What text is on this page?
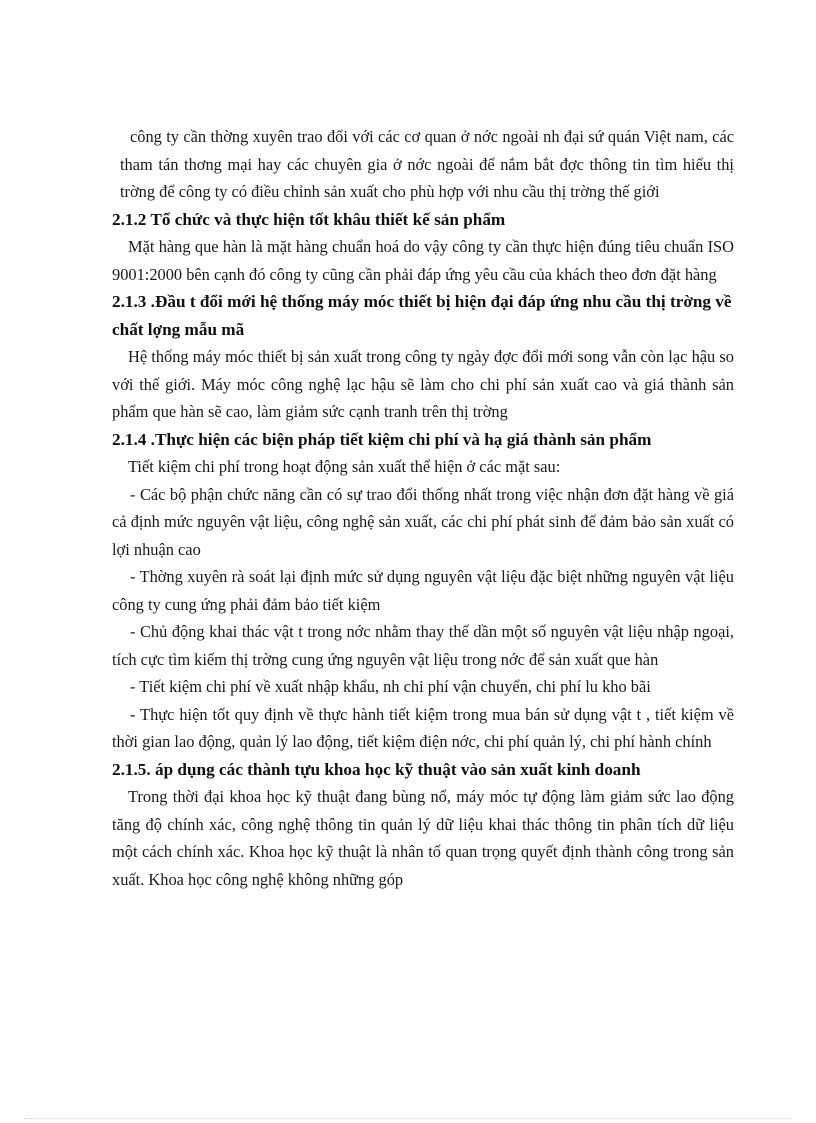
công ty cần thờng xuyên trao đổi với các cơ quan ở nớc ngoài nh đại sứ quán Việt nam, các tham tán thơng mại hay các chuyên gia ở nớc ngoài để nắm bắt đợc thông tin tìm hiểu thị trờng để công ty có điều chỉnh sản xuất cho phù hợp với nhu cầu thị trờng thế giới

2.1.2 Tổ chức và thực hiện tốt khâu thiết kế sản phẩm

Mặt hàng que hàn là mặt hàng chuẩn hoá do vậy công ty cần thực hiện đúng tiêu chuẩn ISO 9001:2000 bên cạnh đó công ty cũng cần phải đáp ứng yêu cầu của khách theo đơn đặt hàng

2.1.3 .Đầu t đổi mới hệ thống máy móc thiết bị hiện đại đáp ứng nhu cầu thị trờng về chất lợng mẫu mã

Hệ thống máy móc thiết bị sản xuất trong công ty ngày đợc đổi mới song vẫn còn lạc hậu so với thế giới. Máy móc công nghệ lạc hậu sẽ làm cho chi phí sản xuất cao và giá thành sản phẩm que hàn sẽ cao, làm giảm sức cạnh tranh trên thị trờng

2.1.4 .Thực hiện các biện pháp tiết kiệm chi phí và hạ giá thành sản phẩm

Tiết kiệm chi phí trong hoạt động sản xuất thể hiện ở các mặt sau:

- Các bộ phận chức năng cần có sự trao đổi thống nhất trong việc nhận đơn đặt hàng về giá cả định mức nguyên vật liệu, công nghệ sản xuất, các chi phí phát sinh để đảm bảo sản xuất có lợi nhuận cao

- Thờng xuyên rà soát lại định mức sử dụng nguyên vật liệu đặc biệt những nguyên vật liệu công ty cung ứng phải đảm bảo tiết kiệm

- Chủ động khai thác vật t trong nớc nhằm thay thế dần một số nguyên vật liệu nhập ngoại, tích cực tìm kiếm thị trờng cung ứng nguyên vật liệu trong nớc để sản xuất que hàn

- Tiết kiệm chi phí về xuất nhập khẩu, nh chi phí vận chuyển, chi phí lu kho bãi

- Thực hiện tốt quy định về thực hành tiết kiệm trong mua bán sử dụng vật t , tiết kiệm về thời gian lao động, quản lý lao động, tiết kiệm điện nớc, chi phí quản lý, chi phí hành chính

2.1.5. áp dụng các thành tựu khoa học kỹ thuật vào sản xuất kinh doanh

Trong thời đại khoa học kỹ thuật đang bùng nổ, máy móc tự động làm giảm sức lao động tăng độ chính xác, công nghệ thông tin quản lý dữ liệu khai thác thông tin phân tích dữ liệu một cách chính xác. Khoa học kỹ thuật là nhân tố quan trọng quyết định thành công trong sản xuất. Khoa học công nghệ không những góp
